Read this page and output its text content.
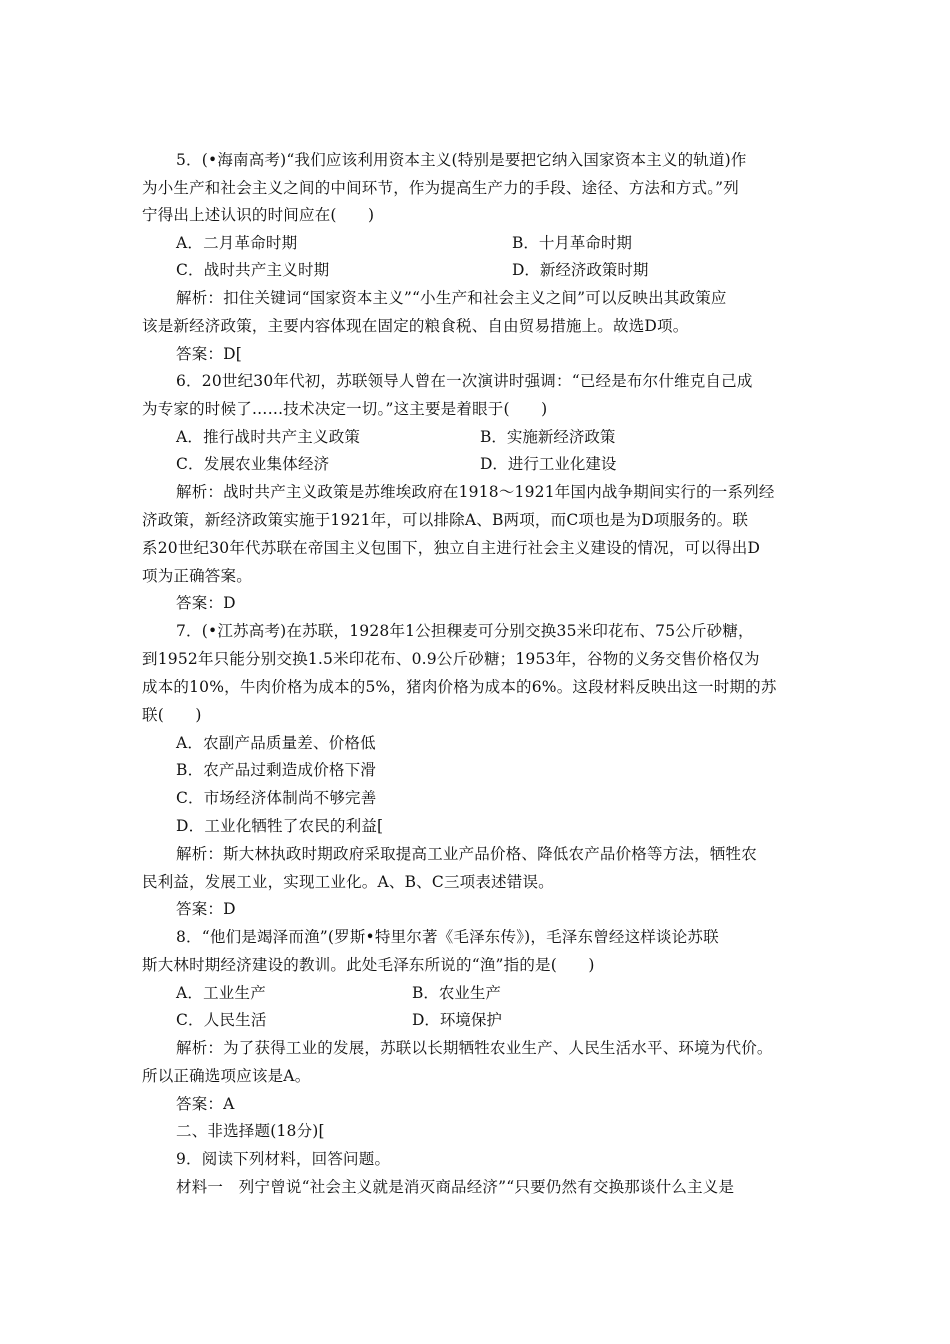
5．(•海南高考)“我们应该利用资本主义(特别是要把它纳入国家资本主义的轨道)作
为小生产和社会主义之间的中间环节，作为提高生产力的手段、途径、方法和方式。”列
宁得出上述认识的时间应在(　　)
A．二月革命时期	B．十月革命时期
C．战时共产主义时期	D．新经济政策时期
解析：扣住关键词“国家资本主义”“小生产和社会主义之间”可以反映出其政策应
该是新经济政策，主要内容体现在固定的粮食税、自由贸易措施上。故选D项。
答案：D[
6．20世纪30年代初，苏联领导人曾在一次演讲时强调：“已经是布尔什维克自己成
为专家的时候了……技术决定一切。”这主要是着眼于(　　)
A．推行战时共产主义政策	B．实施新经济政策
C．发展农业集体经济	D．进行工业化建设
解析：战时共产主义政策是苏维埃政府在1918～1921年国内战争期间实行的一系列经
济政策，新经济政策实施于1921年，可以排除A、B两项，而C项也是为D项服务的。联
系20世纪30年代苏联在帝国主义包围下，独立自主进行社会主义建设的情况，可以得出D
项为正确答案。
答案：D
7．(•江苏高考)在苏联，1928年1公担稞麦可分别交换35米印花布、75公斤砂糖，
到1952年只能分别交换1.5米印花布、0.9公斤砂糖；1953年，谷物的义务交售价格仅为
成本的10%，牛肉价格为成本的5%，猪肉价格为成本的6%。这段材料反映出这一时期的苏
联(　　)
A．农副产品质量差、价格低
B．农产品过剩造成价格下滑
C．市场经济体制尚不够完善
D．工业化牺牲了农民的利益[
解析：斯大林执政时期政府采取提高工业产品价格、降低农产品价格等方法，牺牲农
民利益，发展工业，实现工业化。A、B、C三项表述错误。
答案：D
8．“他们是竭泽而渔”(罗斯•特里尔著《毛泽东传》)，毛泽东曾经这样谈论苏联
斯大林时期经济建设的教训。此处毛泽东所说的“渔”指的是(　　)
A．工业生产	B．农业生产
C．人民生活	D．环境保护
解析：为了获得工业的发展，苏联以长期牺牲农业生产、人民生活水平、环境为代价。
所以正确选项应该是A。
答案：A
二、非选择题(18分)[
9．阅读下列材料，回答问题。
材料一　列宁曾说“社会主义就是消灭商品经济”“只要仍然有交换那谈什么主义是
